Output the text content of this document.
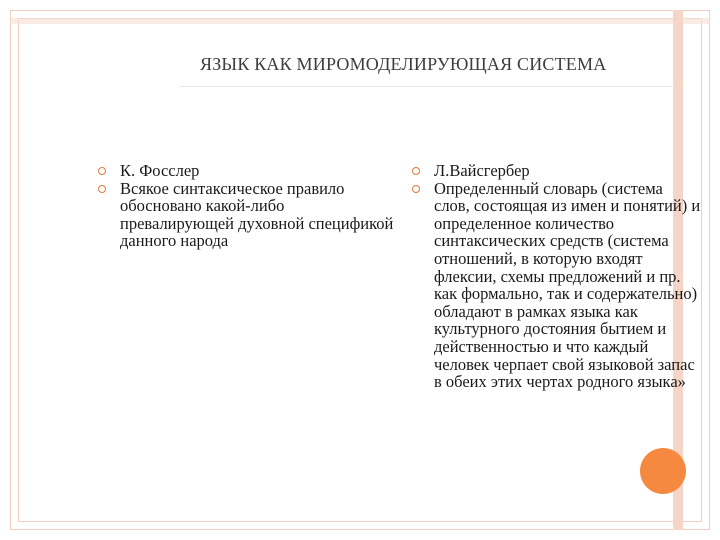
ЯЗЫК КАК МИРОМОДЕЛИРУЮЩАЯ СИСТЕМА
К. Фосслер
Всякое синтаксическое правило обосновано какой-либо превалирующей духовной спецификой данного народа
Л.Вайсгербер
Определенный словарь (система слов, состоящая из имен и понятий) и определенное количество синтаксических средств (система отношений, в которую входят флексии, схемы предложений и пр. как формально, так и содержательно) обладают в рамках языка как культурного достояния бытием и действенностью и что каждый человек черпает свой языковой запас в обеих этих чертах родного языка»
